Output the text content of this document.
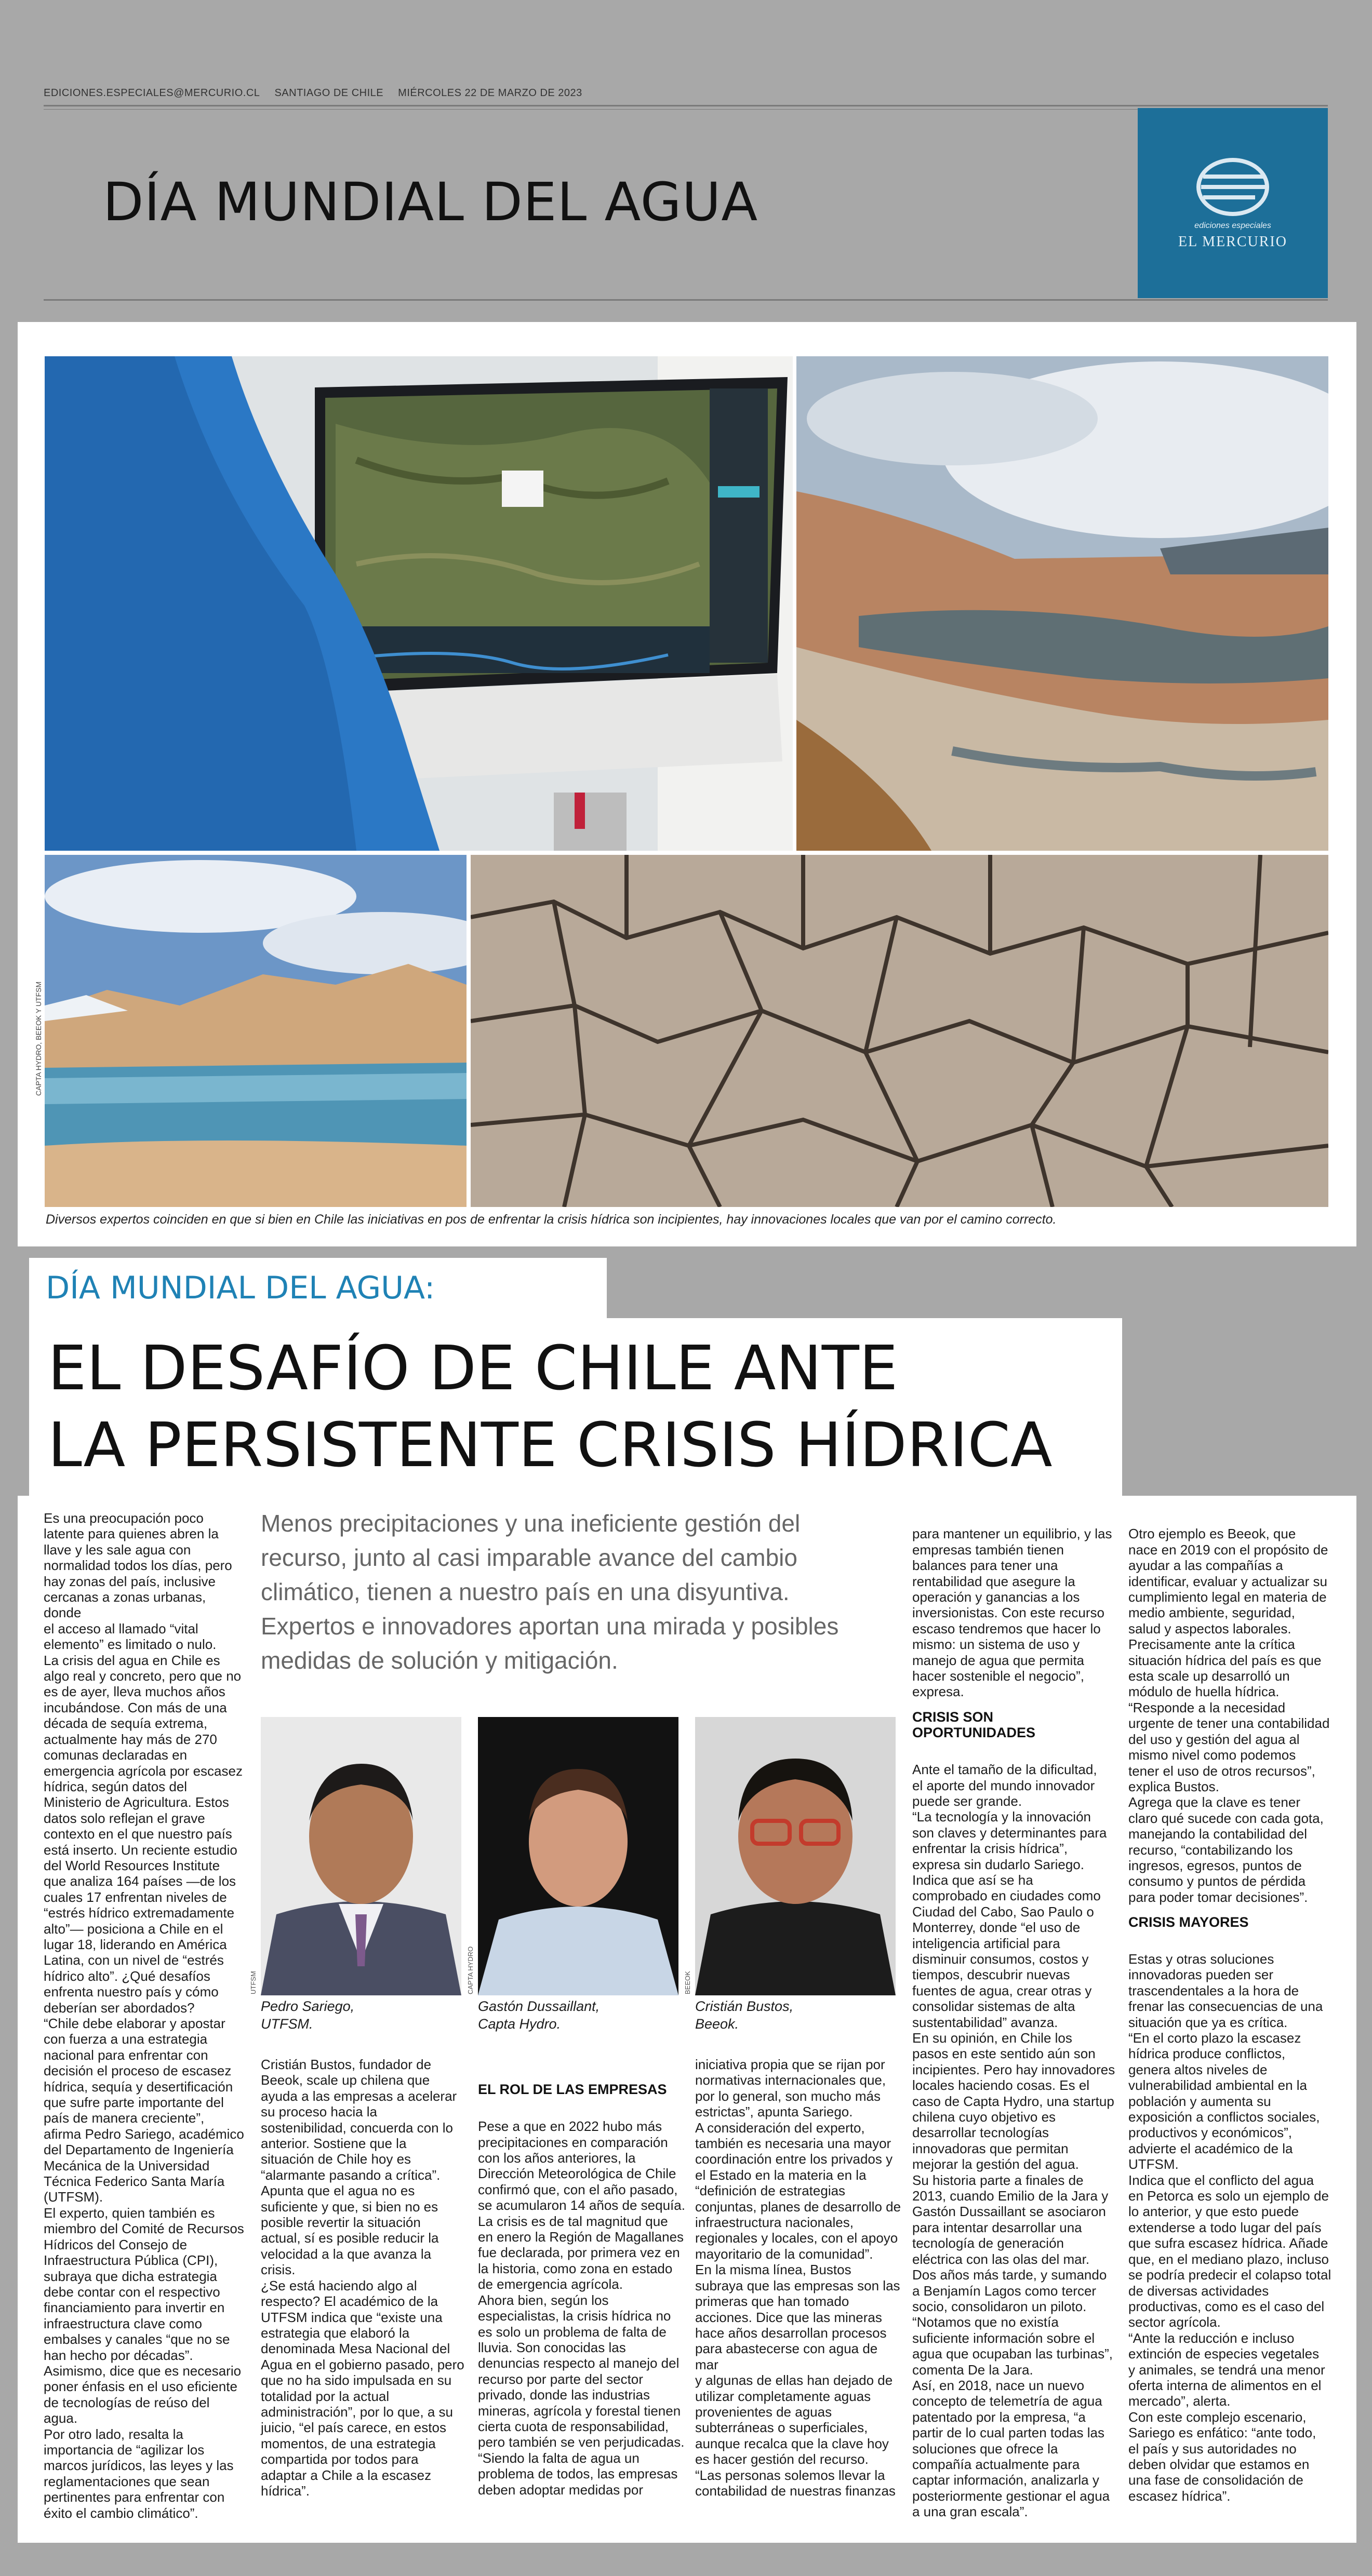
EDICIONES.ESPECIALES@MERCURIO.CL SANTIAGO DE CHILE MIÉRCOLES 22 DE MARZO DE 2023
DÍA MUNDIAL DEL AGUA	ediciones especiales
EL MERCURIO
CAPTA HYDRO, BEEOK Y UTFSM
Diversos expertos coinciden en que si bien en Chile las iniciativas en pos de enfrentar la crisis hídrica son incipientes, hay innovaciones locales que van por el camino correcto.
DÍA MUNDIAL DEL AGUA:
EL DESAFÍO DE CHILE ANTE
LA PERSISTENTE CRISIS HÍDRICA
Es una preocupación poco
latente para quienes abren la
llave y les sale agua con
normalidad todos los días, pero
hay zonas del país, inclusive
cercanas a zonas urbanas, donde
el acceso al llamado “vital
elemento” es limitado o nulo.
La crisis del agua en Chile es
algo real y concreto, pero que no
es de ayer, lleva muchos años
incubándose. Con más de una
década de sequía extrema,
actualmente hay más de 270
comunas declaradas en
emergencia agrícola por escasez
hídrica, según datos del
Ministerio de Agricultura. Estos
datos solo reflejan el grave
contexto en el que nuestro país
está inserto. Un reciente estudio
del World Resources Institute
que analiza 164 países —de los
cuales 17 enfrentan niveles de
“estrés hídrico extremadamente
alto”— posiciona a Chile en el
lugar 18, liderando en América
Latina, con un nivel de “estrés
hídrico alto”. ¿Qué desafíos
enfrenta nuestro país y cómo
deberían ser abordados?
“Chile debe elaborar y apostar
con fuerza a una estrategia
nacional para enfrentar con
decisión el proceso de escasez
hídrica, sequía y desertificación
que sufre parte importante del
país de manera creciente”,
afirma Pedro Sariego, académico
del Departamento de Ingeniería
Mecánica de la Universidad
Técnica Federico Santa María
(UTFSM).
El experto, quien también es
miembro del Comité de Recursos
Hídricos del Consejo de
Infraestructura Pública (CPI),
subraya que dicha estrategia
debe contar con el respectivo
financiamiento para invertir en
infraestructura clave como
embalses y canales “que no se
han hecho por décadas”.
Asimismo, dice que es necesario
poner énfasis en el uso eficiente
de tecnologías de reúso del agua.
Por otro lado, resalta la
importancia de “agilizar los
marcos jurídicos, las leyes y las
reglamentaciones que sean
pertinentes para enfrentar con
éxito el cambio climático”.
Menos precipitaciones y una ineficiente gestión del recurso, junto al casi imparable avance del cambio climático, tienen a nuestro país en una disyuntiva. Expertos e innovadores aportan una mirada y posibles medidas de solución y mitigación.
UTFSM	CAPTA HYDRO	BEEOK
Pedro Sariego,
UTFSM.
Gastón Dussaillant,
Capta Hydro.
Cristián Bustos,
Beeok.
Cristián Bustos, fundador de
Beeok, scale up chilena que
ayuda a las empresas a acelerar
su proceso hacia la
sostenibilidad, concuerda con lo
anterior. Sostiene que la
situación de Chile hoy es
“alarmante pasando a crítica”.
Apunta que el agua no es
suficiente y que, si bien no es
posible revertir la situación
actual, sí es posible reducir la
velocidad a la que avanza la crisis.
¿Se está haciendo algo al
respecto? El académico de la
UTFSM indica que “existe una
estrategia que elaboró la
denominada Mesa Nacional del
Agua en el gobierno pasado, pero
que no ha sido impulsada en su
totalidad por la actual
administración”, por lo que, a su
juicio, “el país carece, en estos
momentos, de una estrategia
compartida por todos para
adaptar a Chile a la escasez
hídrica”.

EL ROL DE LAS EMPRESAS

Pese a que en 2022 hubo más
precipitaciones en comparación
con los años anteriores, la
Dirección Meteorológica de Chile
confirmó que, con el año pasado,
se acumularon 14 años de sequía.
La crisis es de tal magnitud que
en enero la Región de Magallanes
fue declarada, por primera vez en
la historia, como zona en estado
de emergencia agrícola.
Ahora bien, según los
especialistas, la crisis hídrica no
es solo un problema de falta de
lluvia. Son conocidas las
denuncias respecto al manejo del
recurso por parte del sector
privado, donde las industrias
mineras, agrícola y forestal tienen
cierta cuota de responsabilidad,
pero también se ven perjudicadas.
“Siendo la falta de agua un
problema de todos, las empresas
deben adoptar medidas por

iniciativa propia que se rijan por
normativas internacionales que,
por lo general, son mucho más
estrictas”, apunta Sariego.
A consideración del experto,
también es necesaria una mayor
coordinación entre los privados y
el Estado en la materia en la
“definición de estrategias
conjuntas, planes de desarrollo de
infraestructura nacionales,
regionales y locales, con el apoyo
mayoritario de la comunidad”.
En la misma línea, Bustos
subraya que las empresas son las
primeras que han tomado
acciones. Dice que las mineras
hace años desarrollan procesos
para abastecerse con agua de mar
y algunas de ellas han dejado de
utilizar completamente aguas
provenientes de aguas
subterráneas o superficiales,
aunque recalca que la clave hoy
es hacer gestión del recurso.
“Las personas solemos llevar la
contabilidad de nuestras finanzas

para mantener un equilibrio, y las
empresas también tienen
balances para tener una
rentabilidad que asegure la
operación y ganancias a los
inversionistas. Con este recurso
escaso tendremos que hacer lo
mismo: un sistema de uso y
manejo de agua que permita
hacer sostenible el negocio”,
expresa.

CRISIS SON OPORTUNIDADES

Ante el tamaño de la dificultad,
el aporte del mundo innovador
puede ser grande.
“La tecnología y la innovación
son claves y determinantes para
enfrentar la crisis hídrica”,
expresa sin dudarlo Sariego.
Indica que así se ha
comprobado en ciudades como
Ciudad del Cabo, Sao Paulo o
Monterrey, donde “el uso de
inteligencia artificial para
disminuir consumos, costos y
tiempos, descubrir nuevas
fuentes de agua, crear otras y
consolidar sistemas de alta
sustentabilidad” avanza.
En su opinión, en Chile los
pasos en este sentido aún son
incipientes. Pero hay innovadores
locales haciendo cosas. Es el
caso de Capta Hydro, una startup
chilena cuyo objetivo es
desarrollar tecnologías
innovadoras que permitan
mejorar la gestión del agua.
Su historia parte a finales de
2013, cuando Emilio de la Jara y
Gastón Dussaillant se asociaron
para intentar desarrollar una
tecnología de generación
eléctrica con las olas del mar.
Dos años más tarde, y sumando
a Benjamín Lagos como tercer
socio, consolidaron un piloto.
“Notamos que no existía
suficiente información sobre el
agua que ocupaban las turbinas”,
comenta De la Jara.
Así, en 2018, nace un nuevo
concepto de telemetría de agua
patentado por la empresa, “a
partir de lo cual parten todas las
soluciones que ofrece la
compañía actualmente para
captar información, analizarla y
posteriormente gestionar el agua
a una gran escala”.

Otro ejemplo es Beeok, que
nace en 2019 con el propósito de
ayudar a las compañías a
identificar, evaluar y actualizar su
cumplimiento legal en materia de
medio ambiente, seguridad,
salud y aspectos laborales.
Precisamente ante la crítica
situación hídrica del país es que
esta scale up desarrolló un
módulo de huella hídrica.
“Responde a la necesidad
urgente de tener una contabilidad
del uso y gestión del agua al
mismo nivel como podemos
tener el uso de otros recursos”,
explica Bustos.
Agrega que la clave es tener
claro qué sucede con cada gota,
manejando la contabilidad del
recurso, “contabilizando los
ingresos, egresos, puntos de
consumo y puntos de pérdida
para poder tomar decisiones”.

CRISIS MAYORES

Estas y otras soluciones
innovadoras pueden ser
trascendentales a la hora de
frenar las consecuencias de una
situación que ya es crítica.
“En el corto plazo la escasez
hídrica produce conflictos,
genera altos niveles de
vulnerabilidad ambiental en la
población y aumenta su
exposición a conflictos sociales,
productivos y económicos”,
advierte el académico de la
UTFSM.
Indica que el conflicto del agua
en Petorca es solo un ejemplo de
lo anterior, y que esto puede
extenderse a todo lugar del país
que sufra escasez hídrica. Añade
que, en el mediano plazo, incluso
se podría predecir el colapso total
de diversas actividades
productivas, como es el caso del
sector agrícola.
“Ante la reducción e incluso
extinción de especies vegetales
y animales, se tendrá una menor
oferta interna de alimentos en el
mercado”, alerta.
Con este complejo escenario,
Sariego es enfático: “ante todo,
el país y sus autoridades no
deben olvidar que estamos en
una fase de consolidación de
escasez hídrica”.
